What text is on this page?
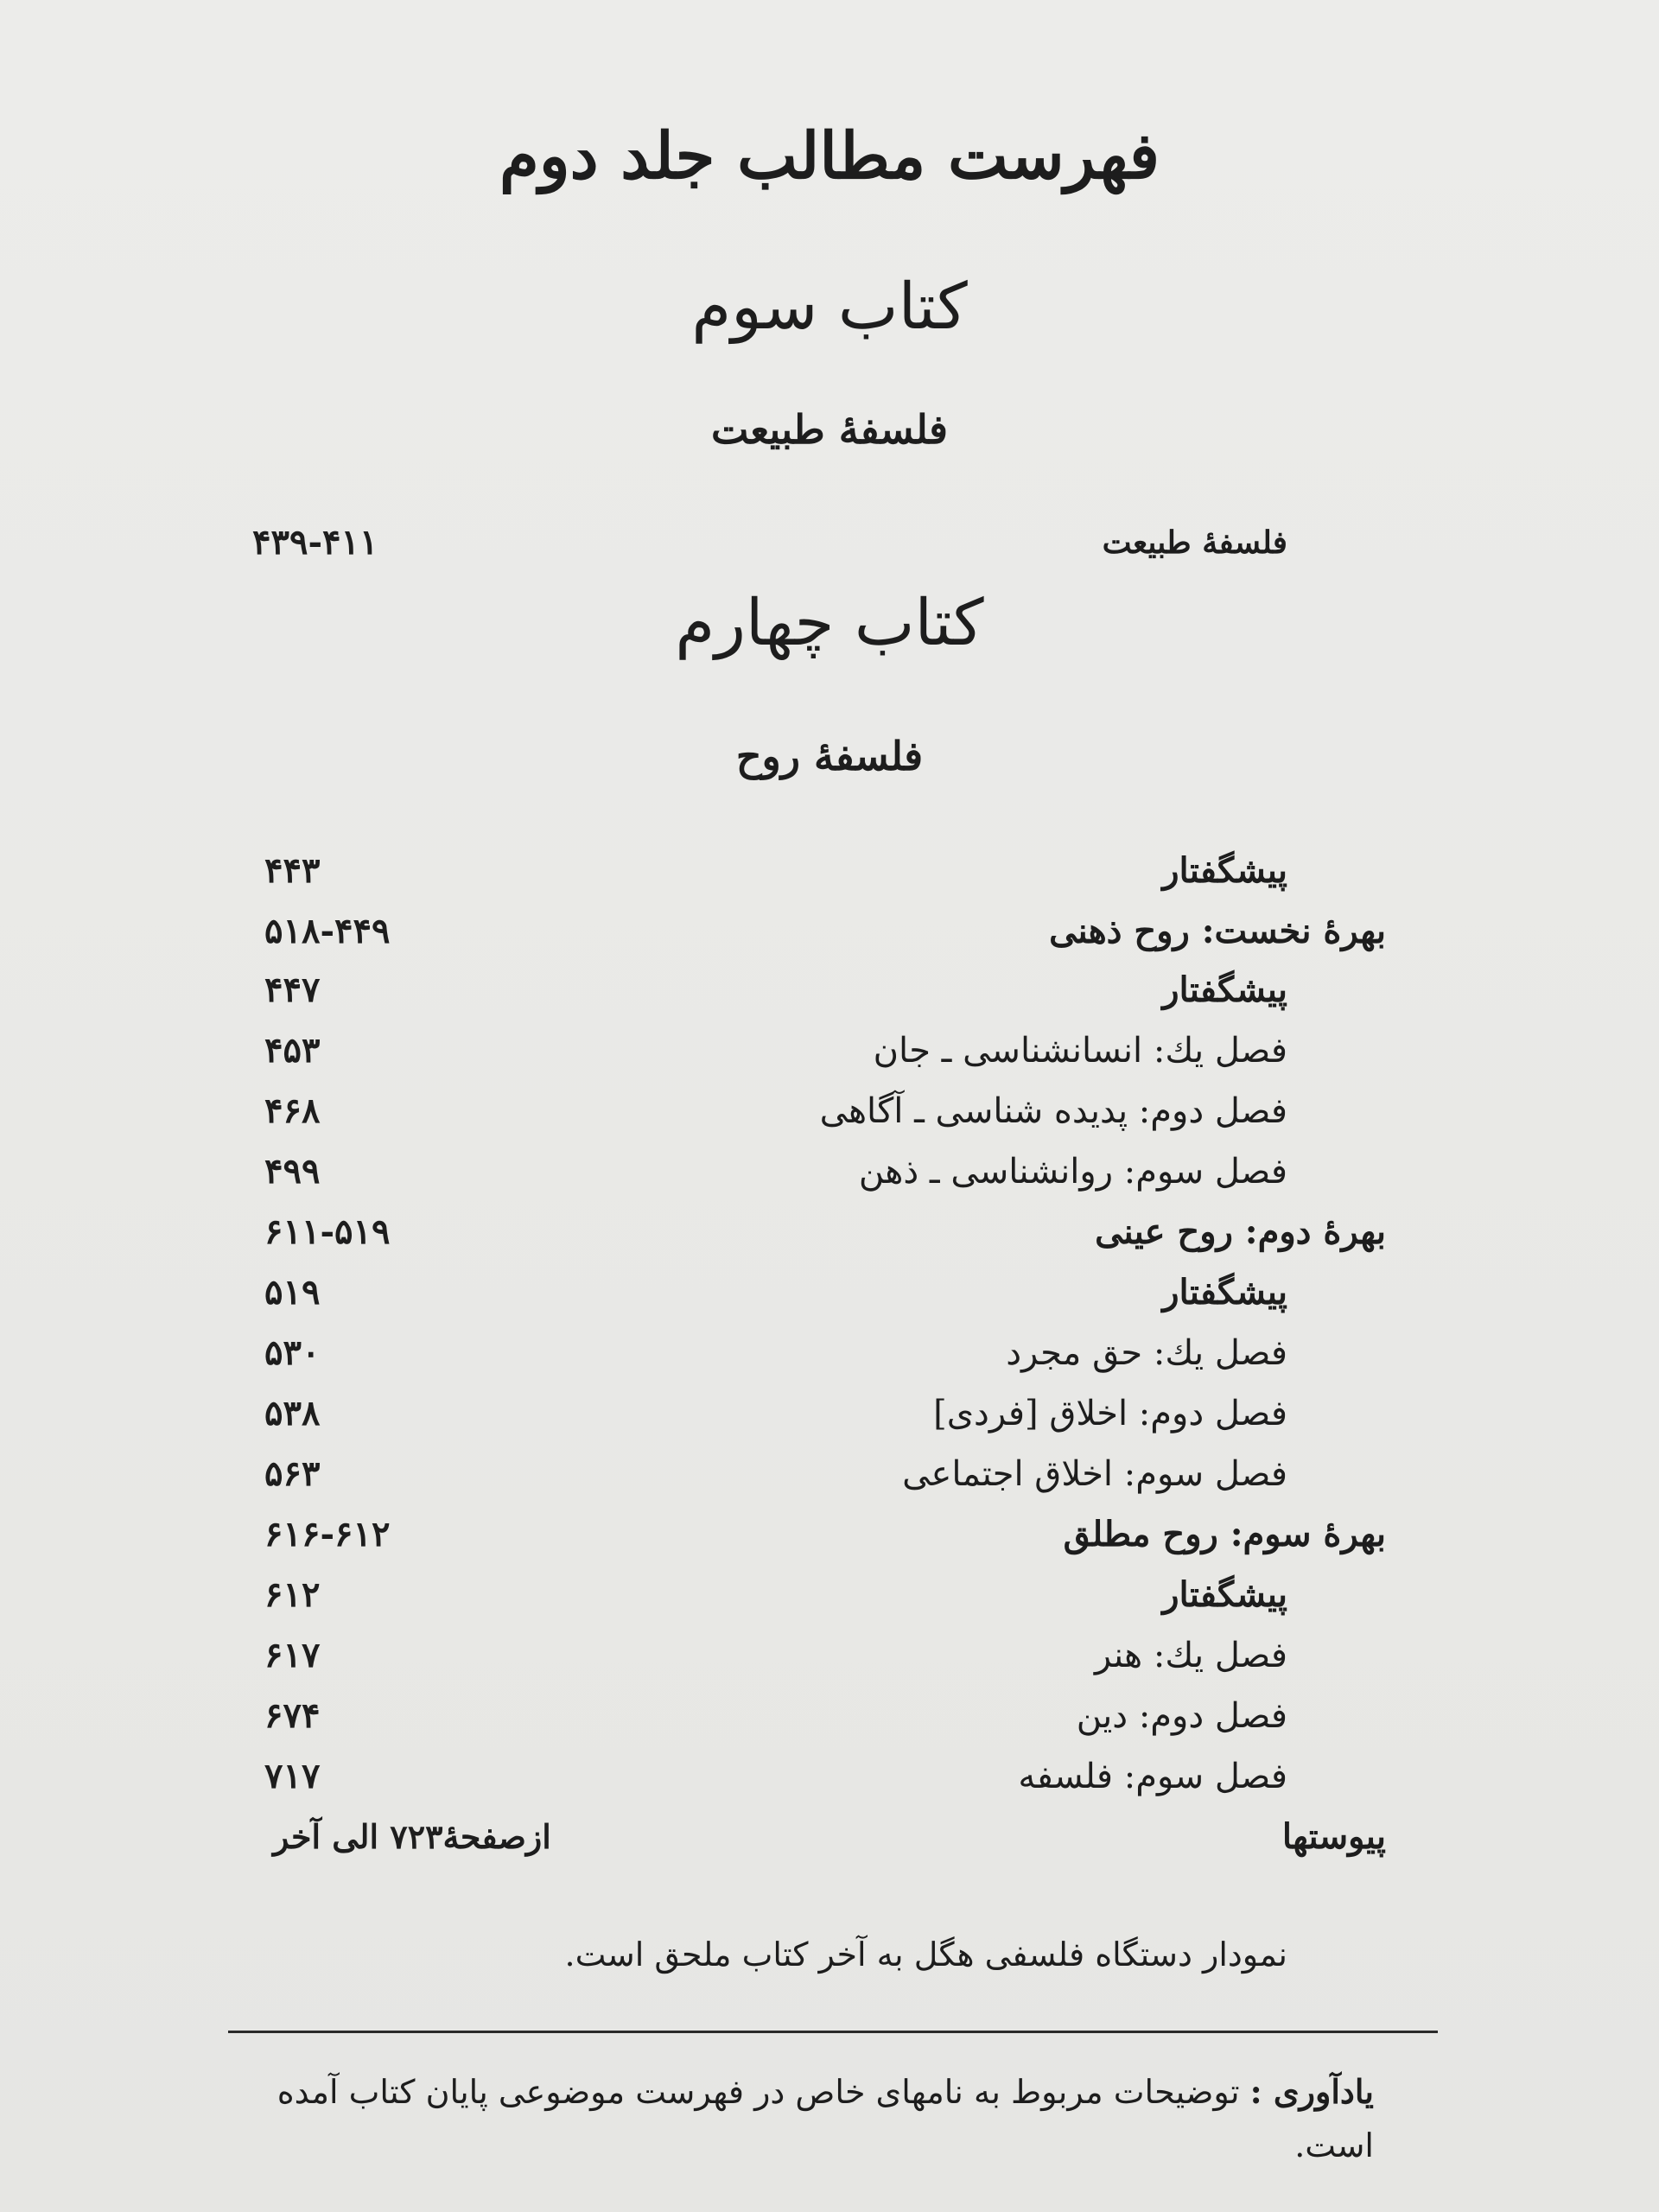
فهرست مطالب جلد دوم
کتاب سوم
فلسفهٔ طبیعت
فلسفهٔ طبیعت
۴۳۹-۴۱۱
کتاب چهارم
فلسفهٔ روح
پیشگفتار
۴۴۳
بهرهٔ نخست: روح ذهنی
۵۱۸-۴۴۹
پیشگفتار
۴۴۷
فصل یك: انسانشناسی ـ جان
۴۵۳
فصل دوم: پدیده شناسی ـ آگاهی
۴۶۸
فصل سوم: روانشناسی ـ ذهن
۴۹۹
بهرهٔ دوم: روح عینی
۶۱۱-۵۱۹
پیشگفتار
۵۱۹
فصل یك: حق مجرد
۵۳۰
فصل دوم: اخلاق [فردی]
۵۳۸
فصل سوم: اخلاق اجتماعی
۵۶۳
بهرهٔ سوم: روح مطلق
۶۱۶-۶۱۲
پیشگفتار
۶۱۲
فصل یك: هنر
۶۱۷
فصل دوم: دین
۶۷۴
فصل سوم: فلسفه
۷۱۷
پیوستها
ازصفحهٔ۷۲۳ الی آخر
نمودار دستگاه فلسفی هگل به آخر کتاب ملحق است.
یادآوری : توضیحات مربوط به نامهای خاص در فهرست موضوعی پایان کتاب آمده است.
